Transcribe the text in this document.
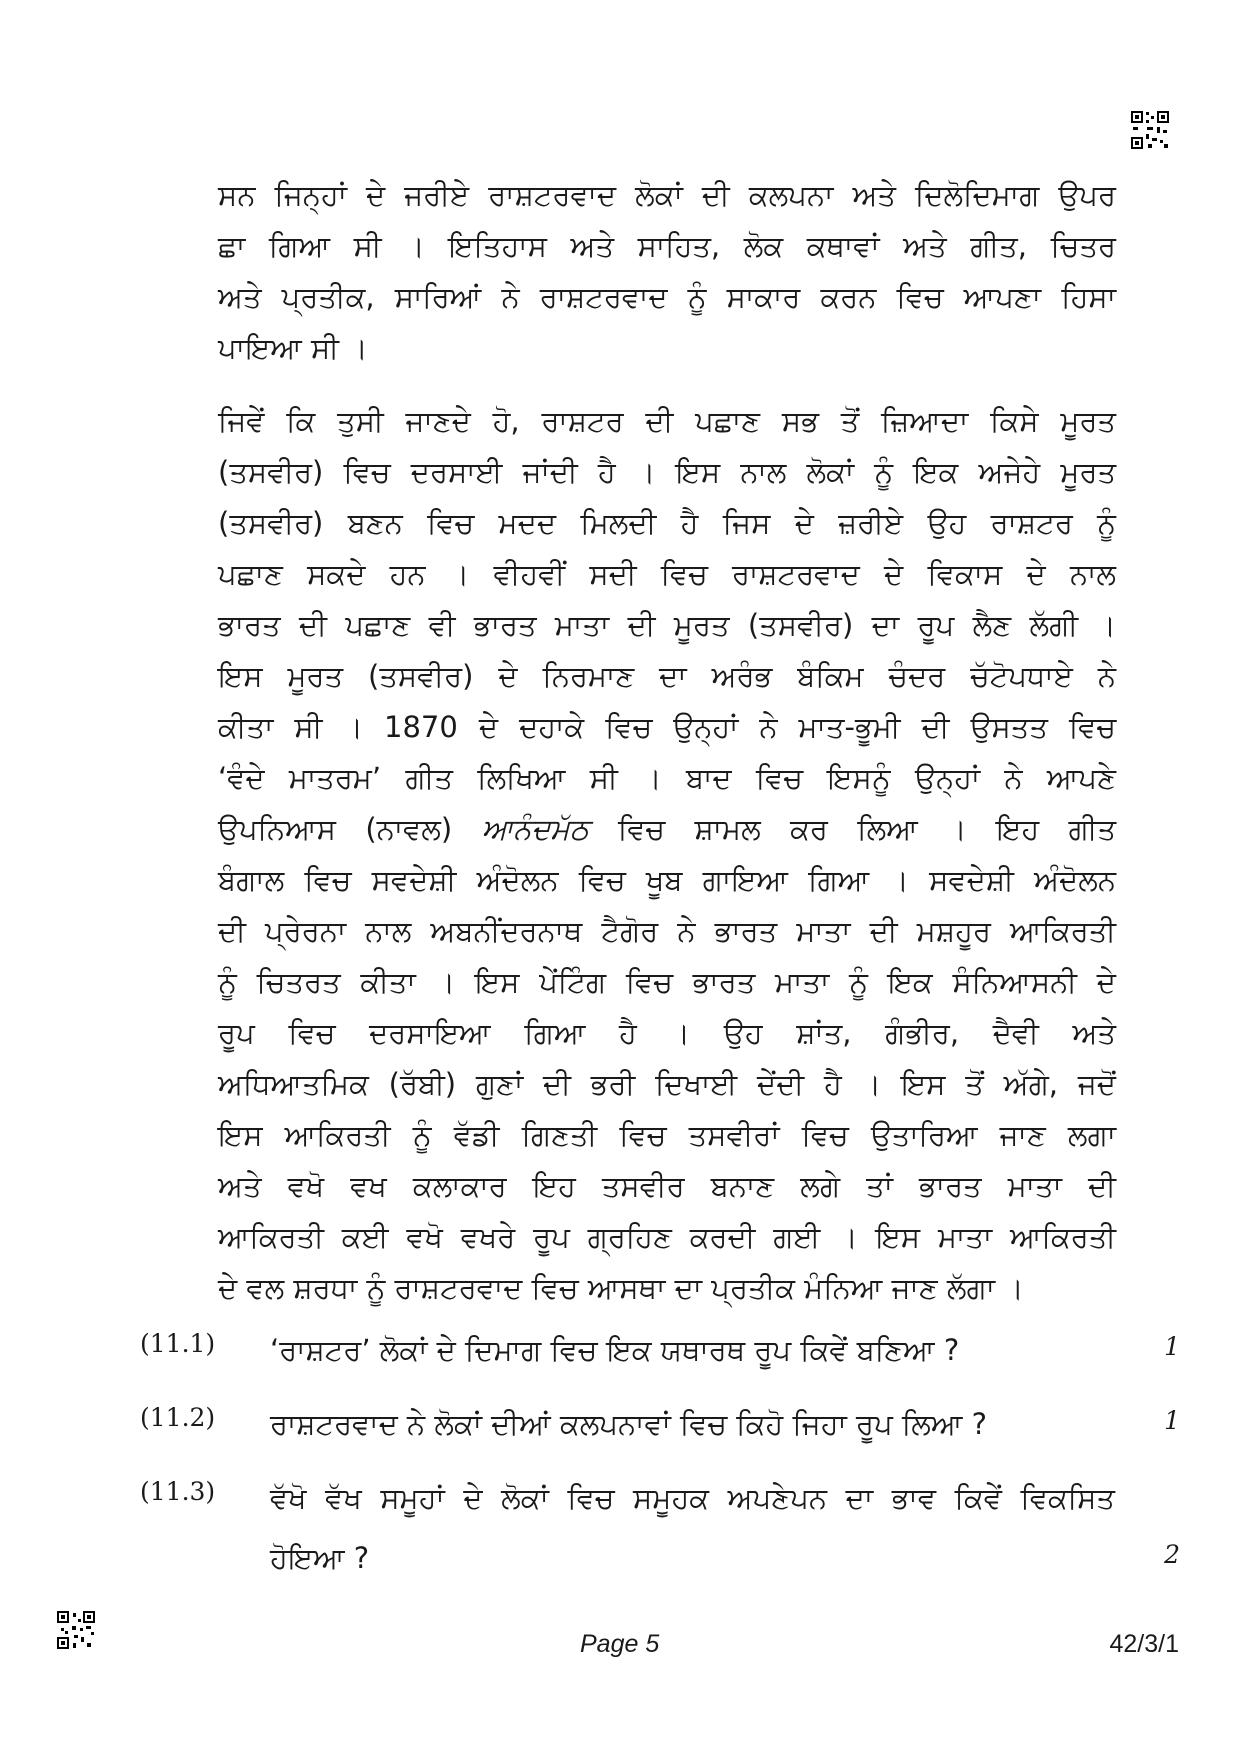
ਸਨ ਜਿਨ੍ਹਾਂ ਦੇ ਜਰੀਏ ਰਾਸ਼ਟਰਵਾਦ ਲੋਕਾਂ ਦੀ ਕਲਪਨਾ ਅਤੇ ਦਿਲੋਦਿਮਾਗ ਉਪਰ
ਛਾ ਗਿਆ ਸੀ । ਇਤਿਹਾਸ ਅਤੇ ਸਾਹਿਤ, ਲੋਕ ਕਥਾਵਾਂ ਅਤੇ ਗੀਤ, ਚਿਤਰ
ਅਤੇ ਪ੍ਰਤੀਕ, ਸਾਰਿਆਂ ਨੇ ਰਾਸ਼ਟਰਵਾਦ ਨੂੰ ਸਾਕਾਰ ਕਰਨ ਵਿਚ ਆਪਣਾ ਹਿਸਾ
ਪਾਇਆ ਸੀ ।
ਜਿਵੇਂ ਕਿ ਤੁਸੀ ਜਾਣਦੇ ਹੋ, ਰਾਸ਼ਟਰ ਦੀ ਪਛਾਣ ਸਭ ਤੋਂ ਜ਼ਿਆਦਾ ਕਿਸੇ ਮੂਰਤ
(ਤਸਵੀਰ) ਵਿਚ ਦਰਸਾਈ ਜਾਂਦੀ ਹੈ । ਇਸ ਨਾਲ ਲੋਕਾਂ ਨੂੰ ਇਕ ਅਜੇਹੇ ਮੂਰਤ
(ਤਸਵੀਰ) ਬਣਨ ਵਿਚ ਮਦਦ ਮਿਲਦੀ ਹੈ ਜਿਸ ਦੇ ਜ਼ਰੀਏ ਉਹ ਰਾਸ਼ਟਰ ਨੂੰ
ਪਛਾਣ ਸਕਦੇ ਹਨ । ਵੀਹਵੀਂ ਸਦੀ ਵਿਚ ਰਾਸ਼ਟਰਵਾਦ ਦੇ ਵਿਕਾਸ ਦੇ ਨਾਲ
ਭਾਰਤ ਦੀ ਪਛਾਣ ਵੀ ਭਾਰਤ ਮਾਤਾ ਦੀ ਮੂਰਤ (ਤਸਵੀਰ) ਦਾ ਰੂਪ ਲੈਣ ਲੱਗੀ ।
ਇਸ ਮੂਰਤ (ਤਸਵੀਰ) ਦੇ ਨਿਰਮਾਣ ਦਾ ਅਰੰਭ ਬੰਕਿਮ ਚੰਦਰ ਚੱਟੋਪਧਾਏ ਨੇ
ਕੀਤਾ ਸੀ । 1870 ਦੇ ਦਹਾਕੇ ਵਿਚ ਉਨ੍ਹਾਂ ਨੇ ਮਾਤ-ਭੂਮੀ ਦੀ ਉਸਤਤ ਵਿਚ
‘ਵੰਦੇ ਮਾਤਰਮ’ ਗੀਤ ਲਿਖਿਆ ਸੀ । ਬਾਦ ਵਿਚ ਇਸਨੂੰ ਉਨ੍ਹਾਂ ਨੇ ਆਪਣੇ
ਉਪਨਿਆਸ (ਨਾਵਲ) ਆਨੰਦਮੱਠ ਵਿਚ ਸ਼ਾਮਲ ਕਰ ਲਿਆ । ਇਹ ਗੀਤ
ਬੰਗਾਲ ਵਿਚ ਸਵਦੇਸ਼ੀ ਅੰਦੋਲਨ ਵਿਚ ਖੂਬ ਗਾਇਆ ਗਿਆ । ਸਵਦੇਸ਼ੀ ਅੰਦੋਲਨ
ਦੀ ਪ੍ਰੇਰਨਾ ਨਾਲ ਅਬਨੀਂਦਰਨਾਥ ਟੈਗੋਰ ਨੇ ਭਾਰਤ ਮਾਤਾ ਦੀ ਮਸ਼ਹੂਰ ਆਕਿਰਤੀ
ਨੂੰ ਚਿਤਰਤ ਕੀਤਾ । ਇਸ ਪੇਂਟਿੰਗ ਵਿਚ ਭਾਰਤ ਮਾਤਾ ਨੂੰ ਇਕ ਸੰਨਿਆਸਨੀ ਦੇ
ਰੂਪ ਵਿਚ ਦਰਸਾਇਆ ਗਿਆ ਹੈ । ਉਹ ਸ਼ਾਂਤ, ਗੰਭੀਰ, ਦੈਵੀ ਅਤੇ
ਅਧਿਆਤਮਿਕ (ਰੱਬੀ) ਗੁਣਾਂ ਦੀ ਭਰੀ ਦਿਖਾਈ ਦੇਂਦੀ ਹੈ । ਇਸ ਤੋਂ ਅੱਗੇ, ਜਦੋਂ
ਇਸ ਆਕਿਰਤੀ ਨੂੰ ਵੱਡੀ ਗਿਣਤੀ ਵਿਚ ਤਸਵੀਰਾਂ ਵਿਚ ਉਤਾਰਿਆ ਜਾਣ ਲਗਾ
ਅਤੇ ਵਖੋ ਵਖ ਕਲਾਕਾਰ ਇਹ ਤਸਵੀਰ ਬਨਾਣ ਲਗੇ ਤਾਂ ਭਾਰਤ ਮਾਤਾ ਦੀ
ਆਕਿਰਤੀ ਕਈ ਵਖੋ ਵਖਰੇ ਰੂਪ ਗ੍ਰਹਿਣ ਕਰਦੀ ਗਈ । ਇਸ ਮਾਤਾ ਆਕਿਰਤੀ
ਦੇ ਵਲ ਸ਼ਰਧਾ ਨੂੰ ਰਾਸ਼ਟਰਵਾਦ ਵਿਚ ਆਸਥਾ ਦਾ ਪ੍ਰਤੀਕ ਮੰਨਿਆ ਜਾਣ ਲੱਗਾ ।
(11.1) ‘ਰਾਸ਼ਟਰ’ ਲੋਕਾਂ ਦੇ ਦਿਮਾਗ ਵਿਚ ਇਕ ਯਥਾਰਥ ਰੂਪ ਕਿਵੇਂ ਬਣਿਆ ?	1
(11.2) ਰਾਸ਼ਟਰਵਾਦ ਨੇ ਲੋਕਾਂ ਦੀਆਂ ਕਲਪਨਾਵਾਂ ਵਿਚ ਕਿਹੋ ਜਿਹਾ ਰੂਪ ਲਿਆ ?	1
(11.3) ਵੱਖੋ ਵੱਖ ਸਮੂਹਾਂ ਦੇ ਲੋਕਾਂ ਵਿਚ ਸਮੂਹਕ ਅਪਣੇਪਨ ਦਾ ਭਾਵ ਕਿਵੇਂ ਵਿਕਸਿਤ
ਹੋਇਆ ?	2
Page 5	42/3/1
